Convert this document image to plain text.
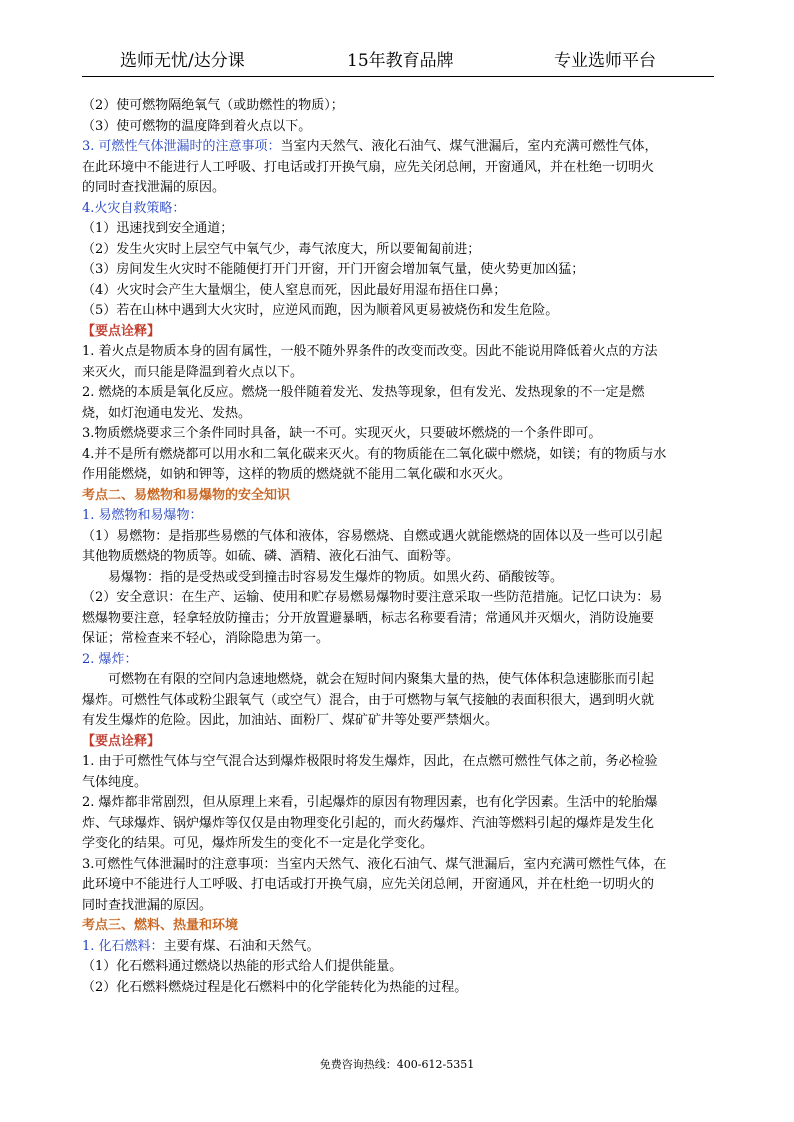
选师无忧/达分课	15年教育品牌	专业选师平台
（2）使可燃物隔绝氧气（或助燃性的物质）；
（3）使可燃物的温度降到着火点以下。
3. 可燃性气体泄漏时的注意事项：当室内天然气、液化石油气、煤气泄漏后，室内充满可燃性气体，
在此环境中不能进行人工呼吸、打电话或打开换气扇，应先关闭总闸，开窗通风，并在杜绝一切明火
的同时查找泄漏的原因。
4.火灾自救策略：
（1）迅速找到安全通道；
（2）发生火灾时上层空气中氧气少，毒气浓度大，所以要匍匐前进；
（3）房间发生火灾时不能随便打开门开窗，开门开窗会增加氧气量，使火势更加凶猛；
（4）火灾时会产生大量烟尘，使人窒息而死，因此最好用湿布捂住口鼻；
（5）若在山林中遇到大火灾时，应逆风而跑，因为顺着风更易被烧伤和发生危险。
【要点诠释】
1. 着火点是物质本身的固有属性，一般不随外界条件的改变而改变。因此不能说用降低着火点的方法
来灭火，而只能是降温到着火点以下。
2. 燃烧的本质是氧化反应。燃烧一般伴随着发光、发热等现象，但有发光、发热现象的不一定是燃
烧，如灯泡通电发光、发热。
3.物质燃烧要求三个条件同时具备，缺一不可。实现灭火，只要破坏燃烧的一个条件即可。
4.并不是所有燃烧都可以用水和二氧化碳来灭火。有的物质能在二氧化碳中燃烧，如镁；有的物质与水
作用能燃烧，如钠和钾等，这样的物质的燃烧就不能用二氧化碳和水灭火。
考点二、易燃物和易爆物的安全知识
1. 易燃物和易爆物：
（1）易燃物：是指那些易燃的气体和液体，容易燃烧、自燃或遇火就能燃烧的固体以及一些可以引起
其他物质燃烧的物质等。如硫、磷、酒精、液化石油气、面粉等。
易爆物：指的是受热或受到撞击时容易发生爆炸的物质。如黑火药、硝酸铵等。
（2）安全意识：在生产、运输、使用和贮存易燃易爆物时要注意采取一些防范措施。记忆口诀为：易
燃爆物要注意，轻拿轻放防撞击；分开放置避暴晒，标志名称要看清；常通风并灭烟火，消防设施要
保证；常检查来不轻心，消除隐患为第一。
2. 爆炸：
可燃物在有限的空间内急速地燃烧，就会在短时间内聚集大量的热，使气体体积急速膨胀而引起
爆炸。可燃性气体或粉尘跟氧气（或空气）混合，由于可燃物与氧气接触的表面积很大，遇到明火就
有发生爆炸的危险。因此，加油站、面粉厂、煤矿矿井等处要严禁烟火。
【要点诠释】
1. 由于可燃性气体与空气混合达到爆炸极限时将发生爆炸，因此，在点燃可燃性气体之前，务必检验
气体纯度。
2. 爆炸都非常剧烈，但从原理上来看，引起爆炸的原因有物理因素，也有化学因素。生活中的轮胎爆
炸、气球爆炸、锅炉爆炸等仅仅是由物理变化引起的，而火药爆炸、汽油等燃料引起的爆炸是发生化
学变化的结果。可见，爆炸所发生的变化不一定是化学变化。
3.可燃性气体泄漏时的注意事项：当室内天然气、液化石油气、煤气泄漏后，室内充满可燃性气体，在
此环境中不能进行人工呼吸、打电话或打开换气扇，应先关闭总闸，开窗通风，并在杜绝一切明火的
同时查找泄漏的原因。
考点三、燃料、热量和环境
1. 化石燃料：主要有煤、石油和天然气。
（1）化石燃料通过燃烧以热能的形式给人们提供能量。
（2）化石燃料燃烧过程是化石燃料中的化学能转化为热能的过程。
免费咨询热线：400-612-5351
